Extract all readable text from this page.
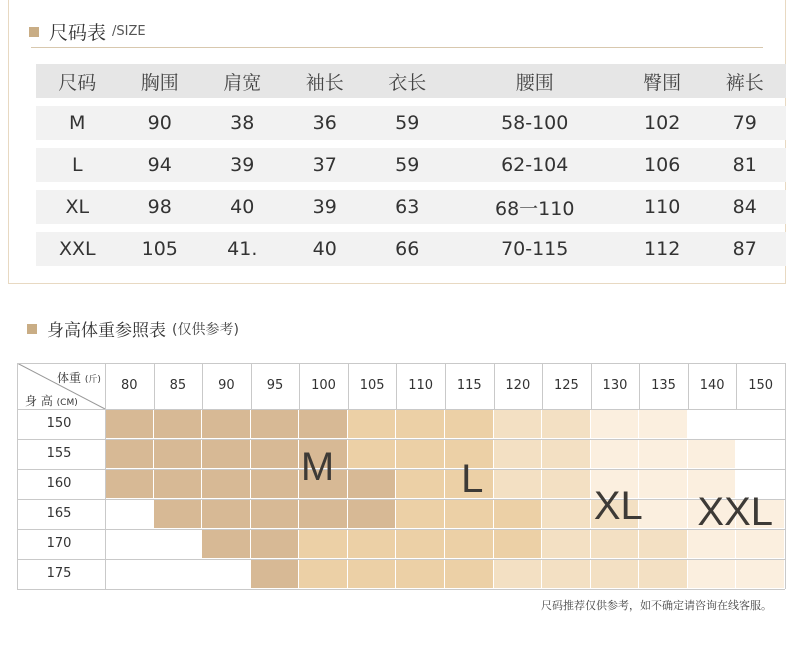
尺码表 /SIZE
尺码	胸围	肩宽	袖长	衣长	腰围	臀围	裤长
M	90	38	36	59	58-100	102	79
L	94	39	37	59	62-104	106	81
XL	98	40	39	63	68一110	110	84
XXL	105	41.	40	66	70-115	112	87
身高体重参照表 (仅供参考)
体重 (斤)
身 高 (CM)
80	85	90	95	100	105	110	115	120	125	130	135	140	150
150
155
160
165
170
175
M	L
XL XXL
尺码推荐仅供参考，如不确定请咨询在线客服。
